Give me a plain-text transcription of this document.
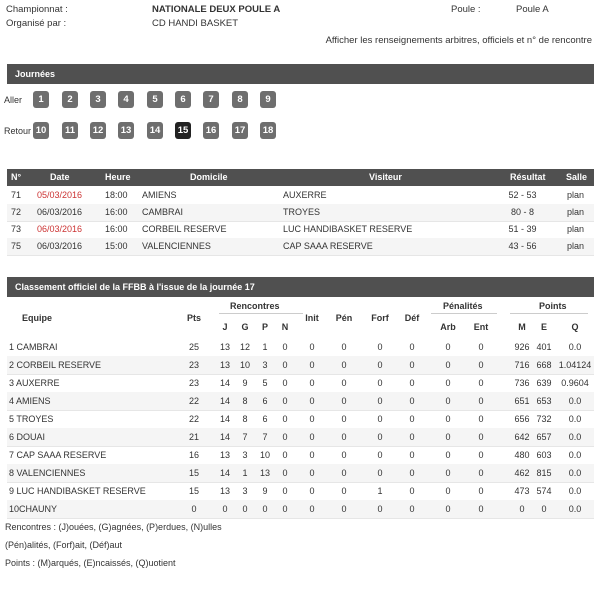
Championnat :	NATIONALE DEUX POULE A	Poule :	Poule A
Organisé par :	CD HANDI BASKET
Afficher les renseignements arbitres, officiels et n° de rencontre
Journées
Aller
Retour
1	2	3	4	5	6	7	8	9
10	11	12 13 14 15 16 17 18
N°	Date	Heure	Domicile	Visiteur	Résultat Salle
71 05/03/2016	18:00 AMIENS	AUXERRE	52 - 53	plan
72 06/03/2016	16:00 CAMBRAI	TROYES	80 - 8	plan
73 06/03/2016	16:00 CORBEIL RESERVE	LUC HANDIBASKET RESERVE	51 - 39	plan
75 06/03/2016	15:00 VALENCIENNES	CAP SAAA RESERVE	43 - 56	plan
Classement officiel de la FFBB à l'issue de la journée 17
Rencontres	Pénalités	Points
Equipe	Pts
J	G	P	N
Init	Pén	Forf	Déf
Arb	Ent	M	E	Q
1 CAMBRAI	25	13	12	1	0	0	0	0	0	0	0	926 401	0.0
2 CORBEIL RESERVE	23	13	10	3	0	0	0	0	0	0	0	716 668 1.04124
3 AUXERRE	23	14	9	5	0	0	0	0	0	0	0	736 639	0.9604
4 AMIENS	22	14	8	6	0	0	0	0	0	0	0	651 653	0.0
5 TROYES	22	14	8	6	0	0	0	0	0	0	0	656 732	0.0
6 DOUAI	21	14	7	7	0	0	0	0	0	0	0	642 657	0.0
7 CAP SAAA RESERVE	16	13	3	10	0	0	0	0	0	0	0	480 603	0.0
8 VALENCIENNES	15	14	1	13	0	0	0	0	0	0	0	462 815	0.0
9 LUC HANDIBASKET RESERVE	15	13	3	9	0	0	0	1	0	0	0	473 574	0.0
10CHAUNY	0	0	0	0	0	0	0	0	0	0	0	0	0	0.0
Rencontres : (J)ouées, (G)agnées, (P)erdues, (N)ulles
(Pén)alités, (Forf)ait, (Déf)aut
Points : (M)arqués, (E)ncaissés, (Q)uotient
